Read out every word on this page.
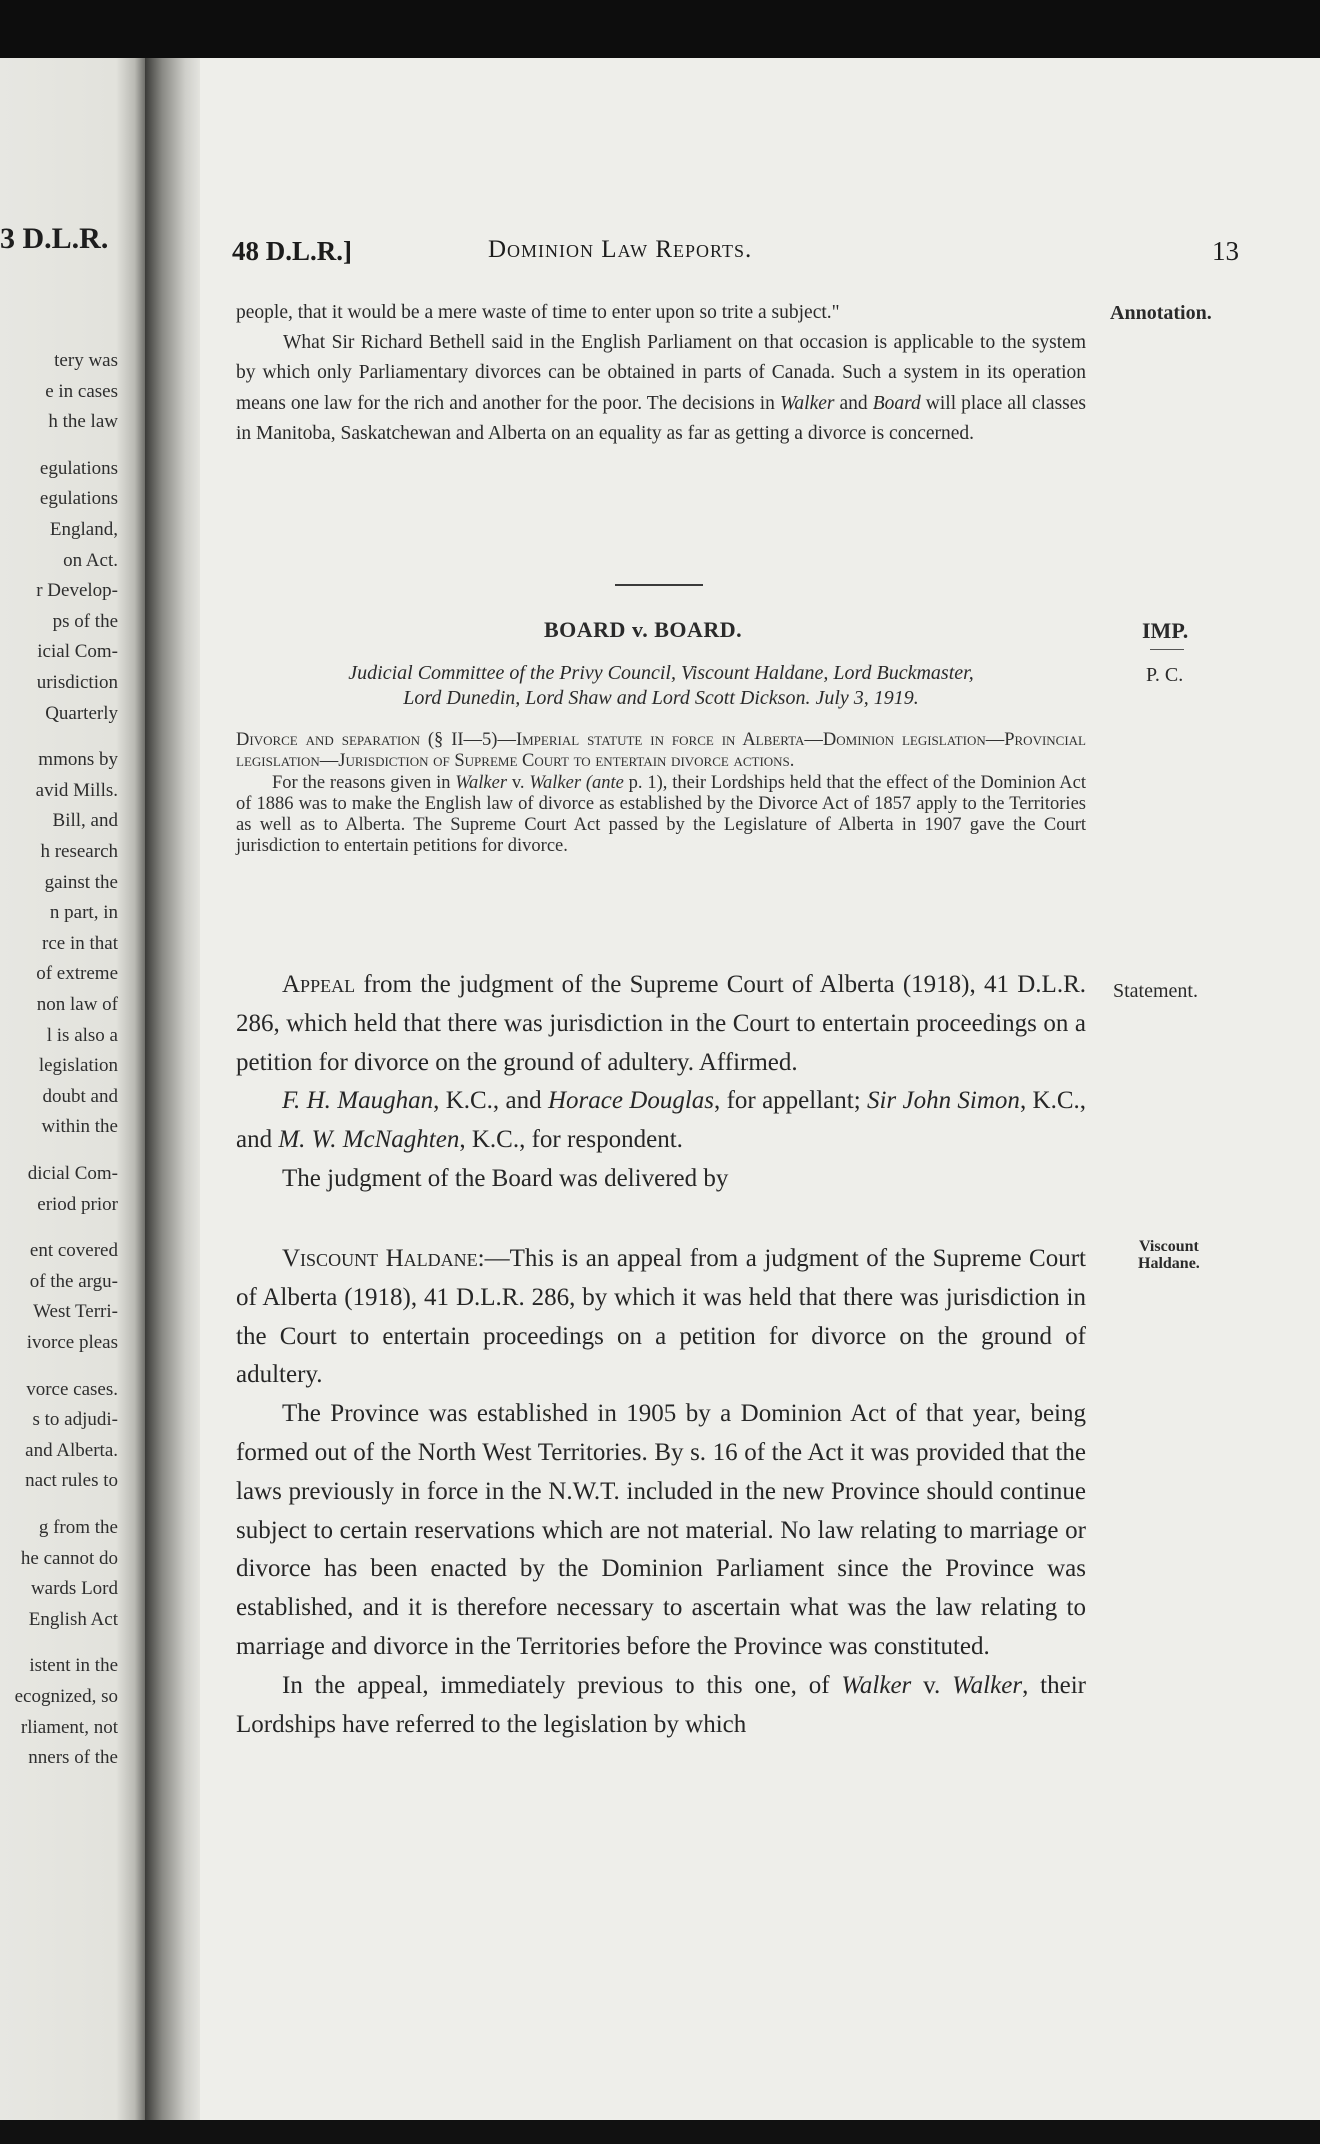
3 D.L.R.
tery was
e in cases
h the law
egulations
egulations
England,
on Act.
r Develop-
ps of the
icial Com-
urisdiction
Quarterly
mmons by
avid Mills.
Bill, and
h research
gainst the
n part, in
rce in that
of extreme
non law of
l is also a
legislation
doubt and
within the
dicial Com-
eriod prior
ent covered
of the argu-
West Terri-
ivorce pleas
vorce cases.
s to adjudi-
and Alberta.
nact rules to
g from the
he cannot do
wards Lord
English Act
istent in the
ecognized, so
rliament, not
nners of the
48 D.L.R.]	Dominion Law Reports.	13
Annotation.

people, that it would be a mere waste of time to enter upon so trite a subject."

What Sir Richard Bethell said in the English Parliament on that occasion is applicable to the system by which only Parliamentary divorces can be obtained in parts of Canada. Such a system in its operation means one law for the rich and another for the poor. The decisions in Walker and Board will place all classes in Manitoba, Saskatchewan and Alberta on an equality as far as getting a divorce is concerned.

BOARD v. BOARD.	IMP.
P. C.
Judicial Committee of the Privy Council, Viscount Haldane, Lord Buckmaster,
Lord Dunedin, Lord Shaw and Lord Scott Dickson. July 3, 1919.

Divorce and separation (§ II—5)—Imperial statute in force in Alberta—Dominion legislation—Provincial legislation—Jurisdiction of Supreme Court to entertain divorce actions.

For the reasons given in Walker v. Walker (ante p. 1), their Lordships held that the effect of the Dominion Act of 1886 was to make the English law of divorce as established by the Divorce Act of 1857 apply to the Territories as well as to Alberta. The Supreme Court Act passed by the Legislature of Alberta in 1907 gave the Court jurisdiction to entertain petitions for divorce.

Statement.

Appeal from the judgment of the Supreme Court of Alberta (1918), 41 D.L.R. 286, which held that there was jurisdiction in the Court to entertain proceedings on a petition for divorce on the ground of adultery. Affirmed.

F. H. Maughan, K.C., and Horace Douglas, for appellant; Sir John Simon, K.C., and M. W. McNaghten, K.C., for respondent.

The judgment of the Board was delivered by

Viscount
Haldane.

Viscount Haldane:—This is an appeal from a judgment of the Supreme Court of Alberta (1918), 41 D.L.R. 286, by which it was held that there was jurisdiction in the Court to entertain proceedings on a petition for divorce on the ground of adultery.

The Province was established in 1905 by a Dominion Act of that year, being formed out of the North West Territories. By s. 16 of the Act it was provided that the laws previously in force in the N.W.T. included in the new Province should continue subject to certain reservations which are not material. No law relating to marriage or divorce has been enacted by the Dominion Parliament since the Province was established, and it is therefore necessary to ascertain what was the law relating to marriage and divorce in the Territories before the Province was constituted.

In the appeal, immediately previous to this one, of Walker v. Walker, their Lordships have referred to the legislation by which
